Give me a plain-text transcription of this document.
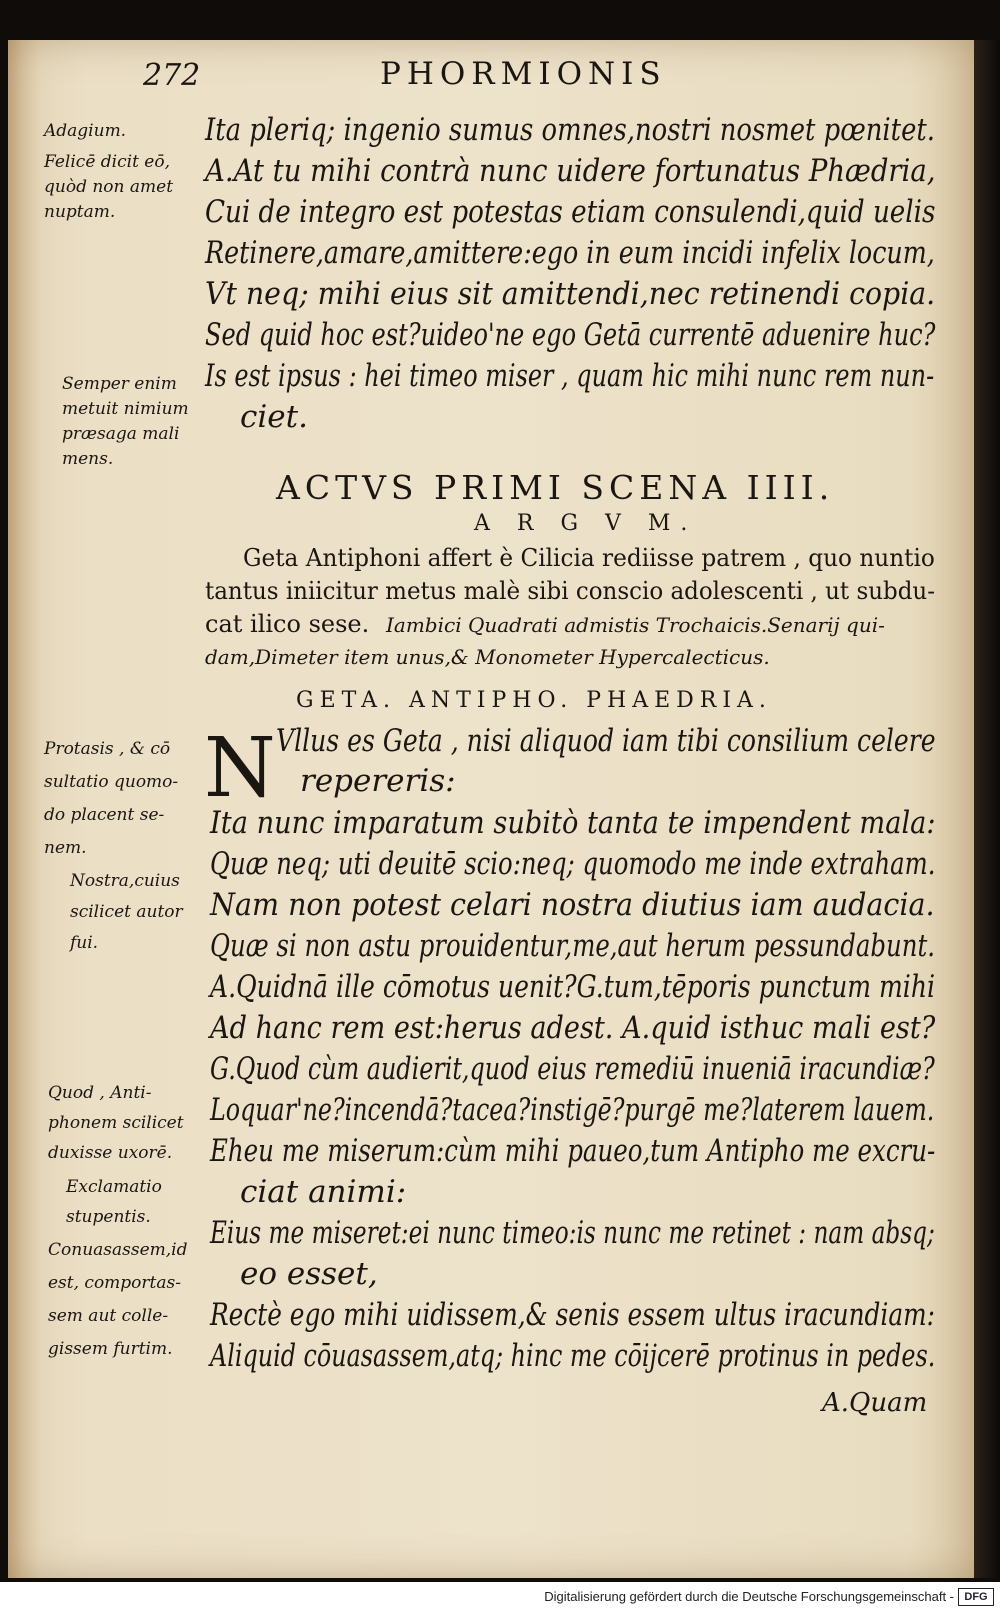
272	PHORMIONIS
Adagium.
Felicē dicit eō,
quòd non amet
nuptam.
Semper enim
metuit nimium
præsaga mali
mens.
Protasis , & cō
sultatio quomo-
do placent se-
nem.
Nostra,cuius
scilicet autor
fui.
Quod , Anti-
phonem scilicet
duxisse uxorē.
Exclamatio
stupentis.
Conuasassem,id
est, comportas-
sem aut colle-
gissem furtim.
Ita pleriq; ingenio sumus omnes,nostri nosmet pœnitet.
A.At tu mihi contrà nunc uidere fortunatus Phædria,
Cui de integro est potestas etiam consulendi,quid uelis
Retinere,amare,amittere:ego in eum incidi infelix locum,
Vt neq; mihi eius sit amittendi,nec retinendi copia.
Sed quid hoc est?uideo'ne ego Getā currentē aduenire huc?
Is est ipsus : hei timeo miser , quam hic mihi nunc rem nun-
ciet.
ACTVS PRIMI SCENA IIII.
A R G V M.
Geta Antiphoni affert è Cilicia rediisse patrem , quo nuntio
tantus iniicitur metus malè sibi conscio adolescenti , ut subdu-
cat ilico sese. Iambici Quadrati admistis Trochaicis.Senarij qui-
dam,Dimeter item unus,& Monometer Hypercalecticus.
GETA. ANTIPHO. PHAEDRIA.
N Vllus es Geta , nisi aliquod iam tibi consilium celere
repereris:
Ita nunc imparatum subitò tanta te impendent mala:
Quæ neq; uti deuitē scio:neq; quomodo me inde extraham.
Nam non potest celari nostra diutius iam audacia.
Quæ si non astu prouidentur,me,aut herum pessundabunt.
A.Quidnā ille cōmotus uenit?G.tum,tēporis punctum mihi
Ad hanc rem est:herus adest. A.quid isthuc mali est?
G.Quod cùm audierit,quod eius remediū inueniā iracundiæ?
Loquar'ne?incendā?tacea?instigē?purgē me?laterem lauem.
Eheu me miserum:cùm mihi paueo,tum Antipho me excru-
ciat animi:
Eius me miseret:ei nunc timeo:is nunc me retinet : nam absq;
eo esset,
Rectè ego mihi uidissem,& senis essem ultus iracundiam:
Aliquid cōuasassem,atq; hinc me cōijcerē protinus in pedes.
A.Quam
Digitalisierung gefördert durch die Deutsche Forschungsgemeinschaft - DFG
